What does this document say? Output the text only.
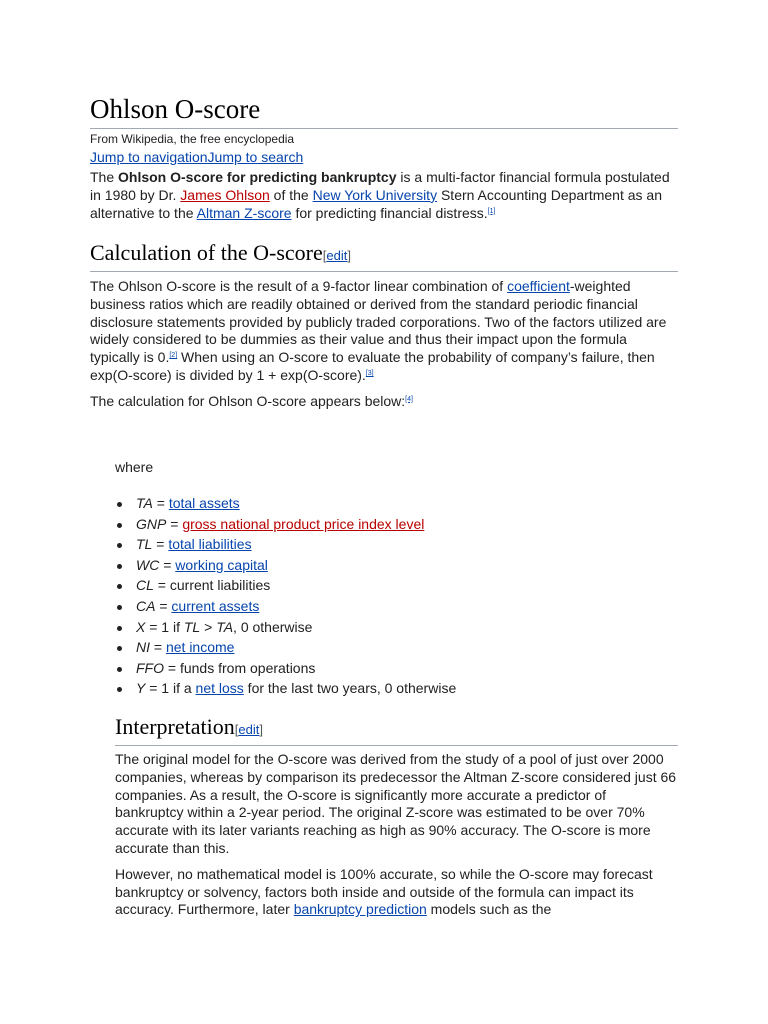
Ohlson O-score
From Wikipedia, the free encyclopedia
Jump to navigationJump to search

The Ohlson O-score for predicting bankruptcy is a multi-factor financial formula postulated in 1980 by Dr. James Ohlson of the New York University Stern Accounting Department as an alternative to the Altman Z-score for predicting financial distress.[1]

Calculation of the O-score[edit]

The Ohlson O-score is the result of a 9-factor linear combination of coefficient-weighted business ratios which are readily obtained or derived from the standard periodic financial disclosure statements provided by publicly traded corporations. Two of the factors utilized are widely considered to be dummies as their value and thus their impact upon the formula typically is 0.[2] When using an O-score to evaluate the probability of company’s failure, then exp(O-score) is divided by 1 + exp(O-score).[3]

The calculation for Ohlson O-score appears below:[4]

where
TA = total assets
GNP = gross national product price index level
TL = total liabilities
WC = working capital
CL = current liabilities
CA = current assets
X = 1 if TL > TA, 0 otherwise
NI = net income
FFO = funds from operations
Y = 1 if a net loss for the last two years, 0 otherwise
Interpretation[edit]

The original model for the O-score was derived from the study of a pool of just over 2000 companies, whereas by comparison its predecessor the Altman Z-score considered just 66 companies. As a result, the O-score is significantly more accurate a predictor of bankruptcy within a 2-year period. The original Z-score was estimated to be over 70% accurate with its later variants reaching as high as 90% accuracy. The O-score is more accurate than this.

However, no mathematical model is 100% accurate, so while the O-score may forecast bankruptcy or solvency, factors both inside and outside of the formula can impact its accuracy. Furthermore, later bankruptcy prediction models such as the
